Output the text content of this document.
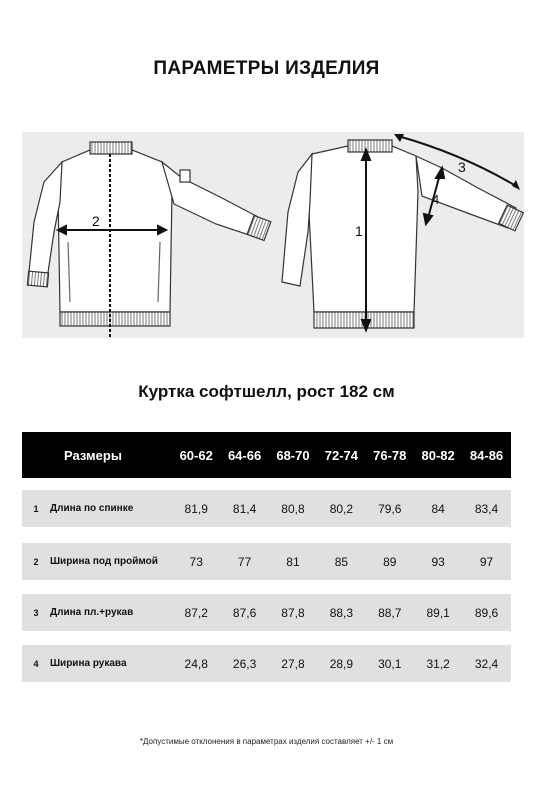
ПАРАМЕТРЫ ИЗДЕЛИЯ
2
1
3
4
Куртка софтшелл, рост 182 см
Размеры	60-62	64-66	68-70	72-74	76-78	80-82	84-86
1	Длина по спинке	81,9	81,4	80,8	80,2	79,6	84	83,4
2	Ширина под проймой	73	77	81	85	89	93	97
3	Длина пл.+рукав	87,2	87,6	87,8	88,3	88,7	89,1	89,6
4	Ширина рукава	24,8	26,3	27,8	28,9	30,1	31,2	32,4
*Допустимые отклонения в параметрах изделия составляет +/- 1 см
